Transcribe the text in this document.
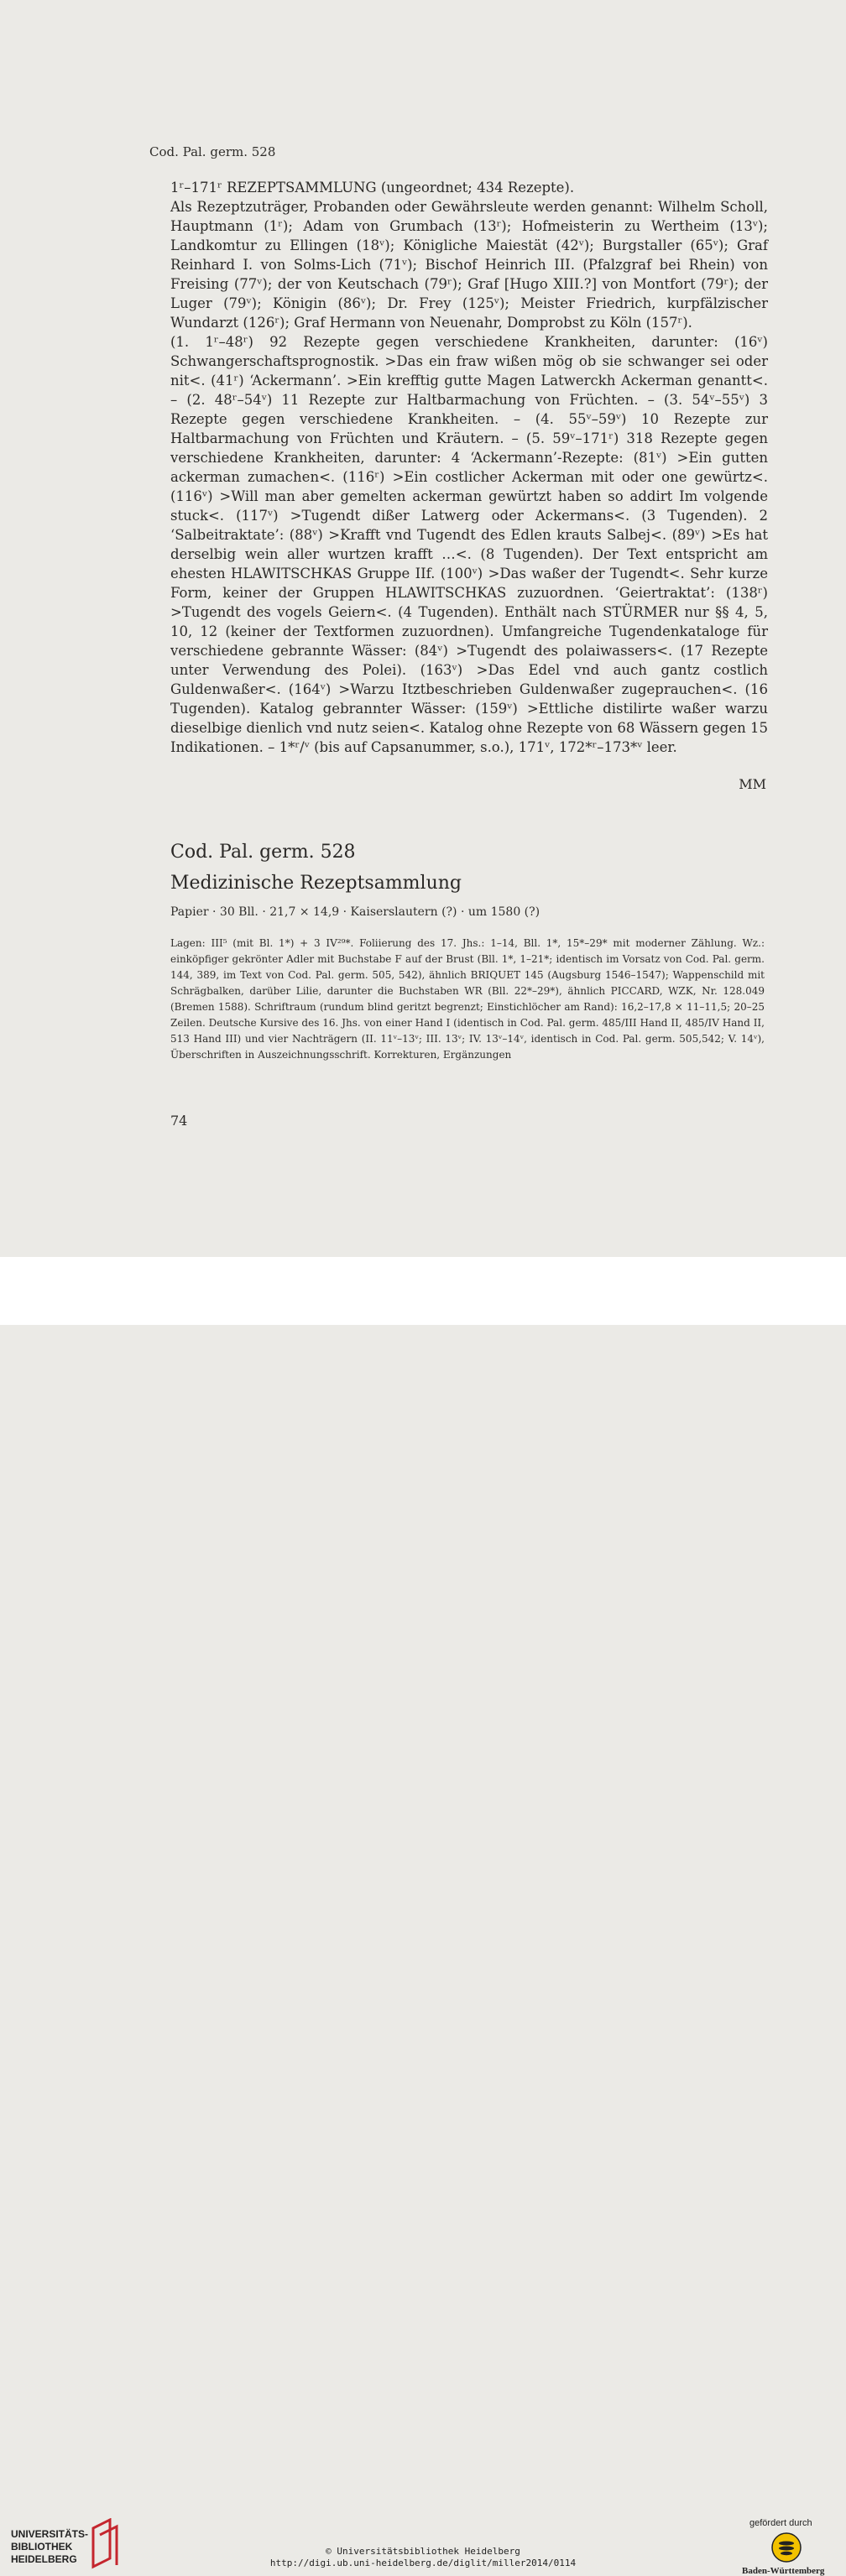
Cod. Pal. germ. 528

1ʳ–171ʳ REZEPTSAMMLUNG (ungeordnet; 434 Rezepte).

Als Rezeptzuträger, Probanden oder Gewährsleute werden genannt: Wilhelm Scholl, Hauptmann (1ʳ); Adam von Grumbach (13ʳ); Hofmeisterin zu Wertheim (13ᵛ); Landkomtur zu Ellingen (18ᵛ); Königliche Maiestät (42ᵛ); Burgstaller (65ᵛ); Graf Reinhard I. von Solms-Lich (71ᵛ); Bischof Heinrich III. (Pfalzgraf bei Rhein) von Freising (77ᵛ); der von Keutschach (79ʳ); Graf [Hugo XIII.?] von Montfort (79ʳ); der Luger (79ᵛ); Königin (86ᵛ); Dr. Frey (125ᵛ); Meister Friedrich, kurpfälzischer Wundarzt (126ʳ); Graf Hermann von Neuenahr, Domprobst zu Köln (157ʳ).

(1. 1ʳ–48ʳ) 92 Rezepte gegen verschiedene Krankheiten, darunter: (16ᵛ) Schwangerschaftsprognostik. >Das ein fraw wißen mög ob sie schwanger sei oder nit<. (41ʳ) ‘Ackermann’. >Ein krefftig gutte Magen Latwerckh Ackerman genantt<. – (2. 48ʳ–54ᵛ) 11 Rezepte zur Haltbarmachung von Früchten. – (3. 54ᵛ–55ᵛ) 3 Rezepte gegen verschiedene Krankheiten. – (4. 55ᵛ–59ᵛ) 10 Rezepte zur Haltbarmachung von Früchten und Kräutern. – (5. 59ᵛ–171ʳ) 318 Rezepte gegen verschiedene Krankheiten, darunter: 4 ‘Ackermann’-Rezepte: (81ᵛ) >Ein gutten ackerman zumachen<. (116ʳ) >Ein costlicher Ackerman mit oder one gewürtz<. (116ᵛ) >Will man aber gemelten ackerman gewürtzt haben so addirt Im volgende stuck<. (117ᵛ) >Tugendt dißer Latwerg oder Ackermans<. (3 Tugenden). 2 ‘Salbeitraktate’: (88ᵛ) >Krafft vnd Tugendt des Edlen krauts Salbej<. (89ᵛ) >Es hat derselbig wein aller wurtzen krafft …<. (8 Tugenden). Der Text entspricht am ehesten HLAWITSCHKAS Gruppe IIf. (100ᵛ) >Das waßer der Tugendt<. Sehr kurze Form, keiner der Gruppen HLAWITSCHKAS zuzuordnen. ‘Geiertraktat’: (138ʳ) >Tugendt des vogels Geiern<. (4 Tugenden). Enthält nach STÜRMER nur §§ 4, 5, 10, 12 (keiner der Textformen zuzuordnen). Umfangreiche Tugendenkataloge für verschiedene gebrannte Wässer: (84ᵛ) >Tugendt des polaiwassers<. (17 Rezepte unter Verwendung des Polei). (163ᵛ) >Das Edel vnd auch gantz costlich Guldenwaßer<. (164ᵛ) >Warzu Itztbeschrieben Guldenwaßer zugeprauchen<. (16 Tugenden). Katalog gebrannter Wässer: (159ᵛ) >Ettliche distilirte waßer warzu dieselbige dienlich vnd nutz seien<. Katalog ohne Rezepte von 68 Wässern gegen 15 Indikationen. – 1*ʳ/ᵛ (bis auf Capsanummer, s.o.), 171ᵛ, 172*ʳ–173*ᵛ leer.

MM
Cod. Pal. germ. 528
Medizinische Rezeptsammlung
Papier · 30 Bll. · 21,7 × 14,9 · Kaiserslautern (?) · um 1580 (?)
Lagen: III⁵ (mit Bl. 1*) + 3 IV²⁹*. Foliierung des 17. Jhs.: 1–14, Bll. 1*, 15*–29* mit moderner Zählung. Wz.: einköpfiger gekrönter Adler mit Buchstabe F auf der Brust (Bll. 1*, 1–21*; identisch im Vorsatz von Cod. Pal. germ. 144, 389, im Text von Cod. Pal. germ. 505, 542), ähnlich BRIQUET 145 (Augsburg 1546–1547); Wappenschild mit Schrägbalken, darüber Lilie, darunter die Buchstaben WR (Bll. 22*–29*), ähnlich PICCARD, WZK, Nr. 128.049 (Bremen 1588). Schriftraum (rundum blind geritzt begrenzt; Einstichlöcher am Rand): 16,2–17,8 × 11–11,5; 20–25 Zeilen. Deutsche Kursive des 16. Jhs. von einer Hand I (identisch in Cod. Pal. germ. 485/III Hand II, 485/IV Hand II, 513 Hand III) und vier Nachträgern (II. 11ᵛ–13ᵛ; III. 13ᵛ; IV. 13ᵛ–14ᵛ, identisch in Cod. Pal. germ. 505,542; V. 14ᵛ), Überschriften in Auszeichnungsschrift. Korrekturen, Ergänzungen
74
UNIVERSITÄTS-
BIBLIOTHEK
HEIDELBERG
© Universitätsbibliothek Heidelberg
http://digi.ub.uni-heidelberg.de/diglit/miller2014/0114
gefördert durch
Baden-Württemberg
